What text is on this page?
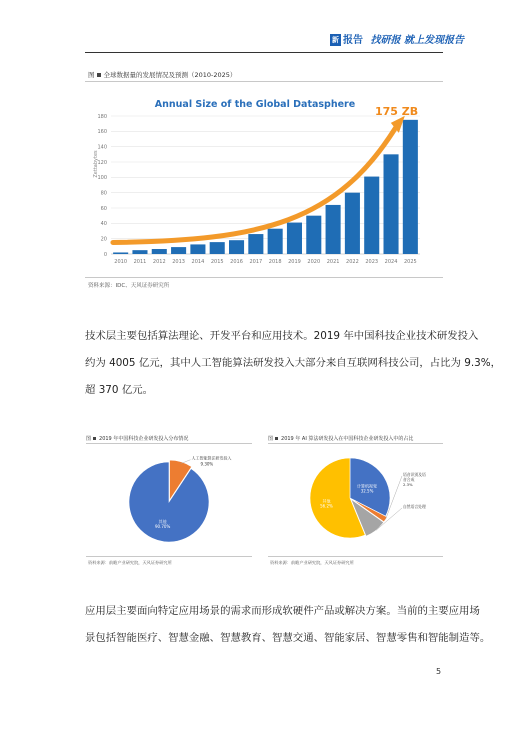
新 报告 找研报 就上发现报告
图 全球数据量的发展情况及预测（2010-2025）
Annual Size of the Global Datasphere
Zettabytes
0
20
40
60
80
100
120
140
160
180
2010 2011 2012 2013 2014 2015 2016 2017 2018 2019 2020 2021 2022 2023 2024 2025
175 ZB
资料来源：IDC、天风证券研究所
技术层主要包括算法理论、开发平台和应用技术。2019 年中国科技企业技术研发投入
约为 4005 亿元，其中人工智能算法研发投入大部分来自互联网科技公司，占比为 9.3%，
超 370 亿元。
图 2019 年中国科技企业研发投入分布情况
人工智能算法研发投入
9.30%
其他
90.70%
资料来源：前瞻产业研究院，天风证券研究所
图 2019 年 AI 算法研发投入在中国科技企业研发投入中的占比
计算机视觉
32.5%
语音识别及语
音合成
2.3%
自然语言处理
其他
56.2%
资料来源：前瞻产业研究院，天风证券研究所
应用层主要面向特定应用场景的需求而形成软硬件产品或解决方案。当前的主要应用场
景包括智能医疗、智慧金融、智慧教育、智慧交通、智能家居、智慧零售和智能制造等。
5
